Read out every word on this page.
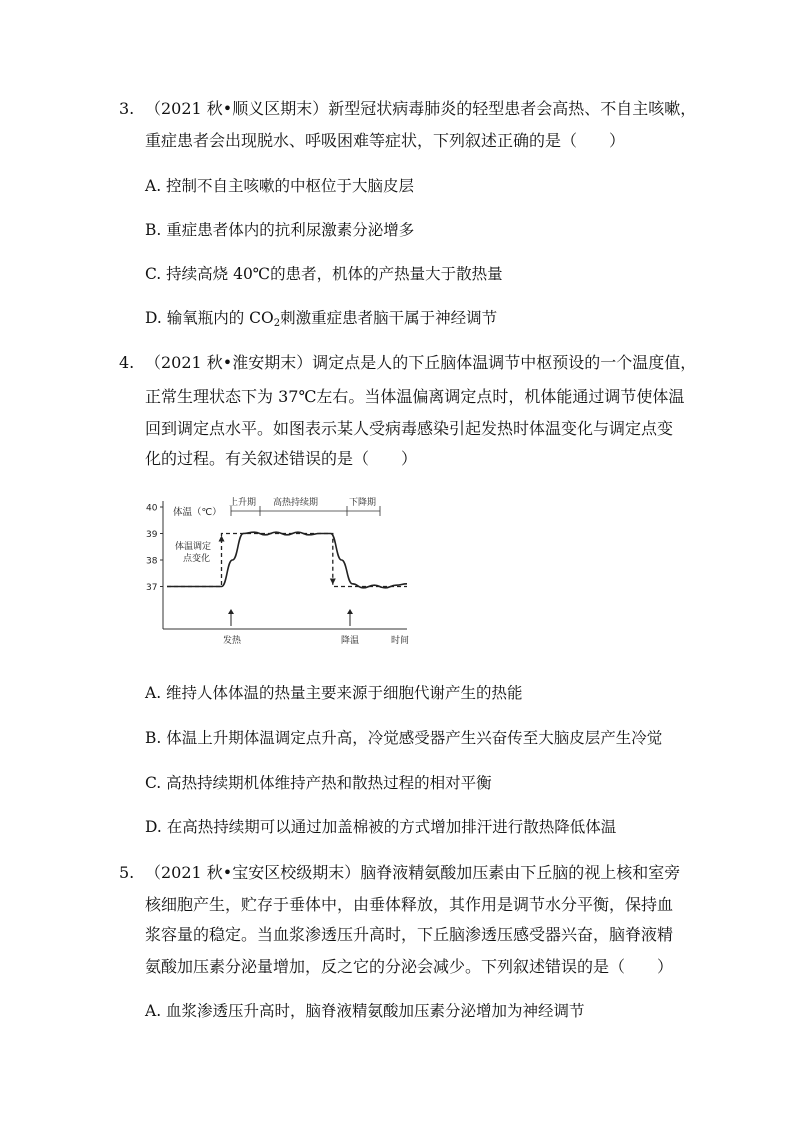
3. （2021 秋•顺义区期末）新型冠状病毒肺炎的轻型患者会高热、不自主咳嗽，
重症患者会出现脱水、呼吸困难等症状，下列叙述正确的是（　　）
A. 控制不自主咳嗽的中枢位于大脑皮层
B. 重症患者体内的抗利尿激素分泌增多
C. 持续高烧 40℃的患者，机体的产热量大于散热量
D. 输氧瓶内的 $CO_2$刺激重症患者脑干属于神经调节
4. （2021 秋•淮安期末）调定点是人的下丘脑体温调节中枢预设的一个温度值，
正常生理状态下为 37℃左右。当体温偏离调定点时，机体能通过调节使体温
回到调定点水平。如图表示某人受病毒感染引起发热时体温变化与调定点变
化的过程。有关叙述错误的是（　　）
40
39
38
37
体温（℃）
时间
上升期 高热持续期	下降期
体温调定
点变化
发热	降温
A. 维持人体体温的热量主要来源于细胞代谢产生的热能
B. 体温上升期体温调定点升高，冷觉感受器产生兴奋传至大脑皮层产生冷觉
C. 高热持续期机体维持产热和散热过程的相对平衡
D. 在高热持续期可以通过加盖棉被的方式增加排汗进行散热降低体温
5. （2021 秋•宝安区校级期末）脑脊液精氨酸加压素由下丘脑的视上核和室旁
核细胞产生，贮存于垂体中，由垂体释放，其作用是调节水分平衡，保持血
浆容量的稳定。当血浆渗透压升高时，下丘脑渗透压感受器兴奋，脑脊液精
氨酸加压素分泌量增加，反之它的分泌会减少。下列叙述错误的是（　　）
A. 血浆渗透压升高时，脑脊液精氨酸加压素分泌增加为神经调节
